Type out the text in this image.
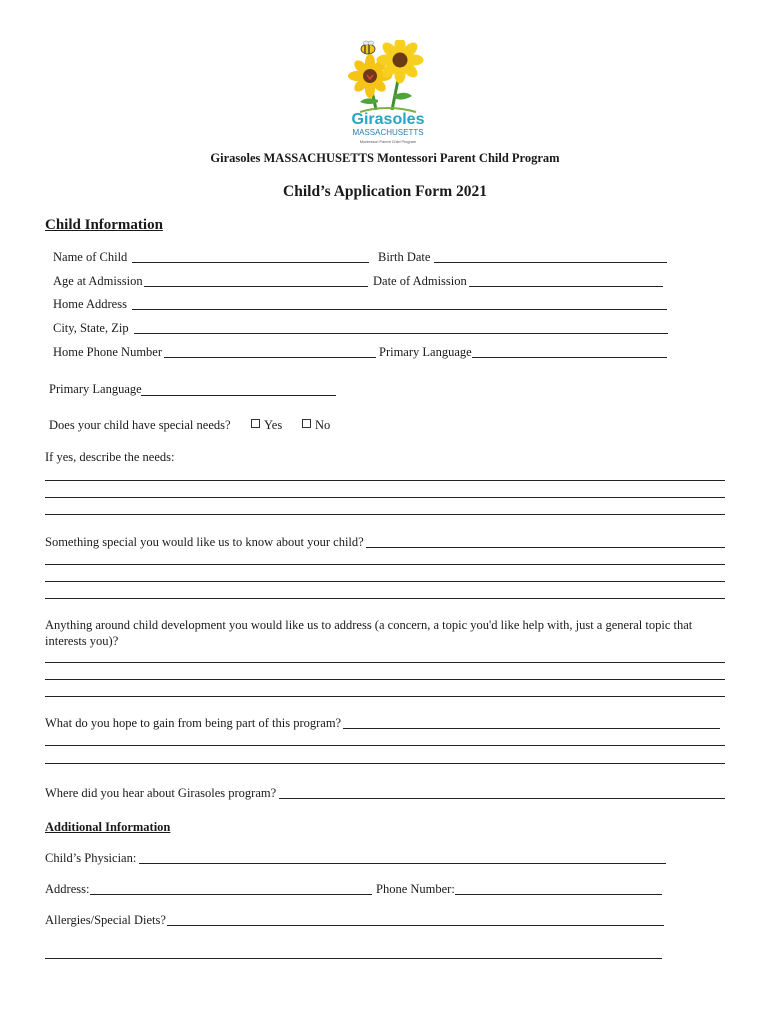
Girasoles
MASSACHUSETTS
Montessori Parent Child Program
Girasoles MASSACHUSETTS Montessori Parent Child Program
Child’s Application Form 2021
Child Information
Name of Child	Birth Date
Age at Admission	Date of Admission
Home Address
City, State, Zip
Home Phone Number	Primary Language
Primary Language
Does your child have special needs?	Yes	No
If yes, describe the needs:
Something special you would like us to know about your child?
Anything around child development you would like us to address (a concern, a topic you'd like help with, just a general topic that
interests you)?
What do you hope to gain from being part of this program?
Where did you hear about Girasoles program?
Additional Information
Child’s Physician:
Address:	Phone Number:
Allergies/Special Diets?
